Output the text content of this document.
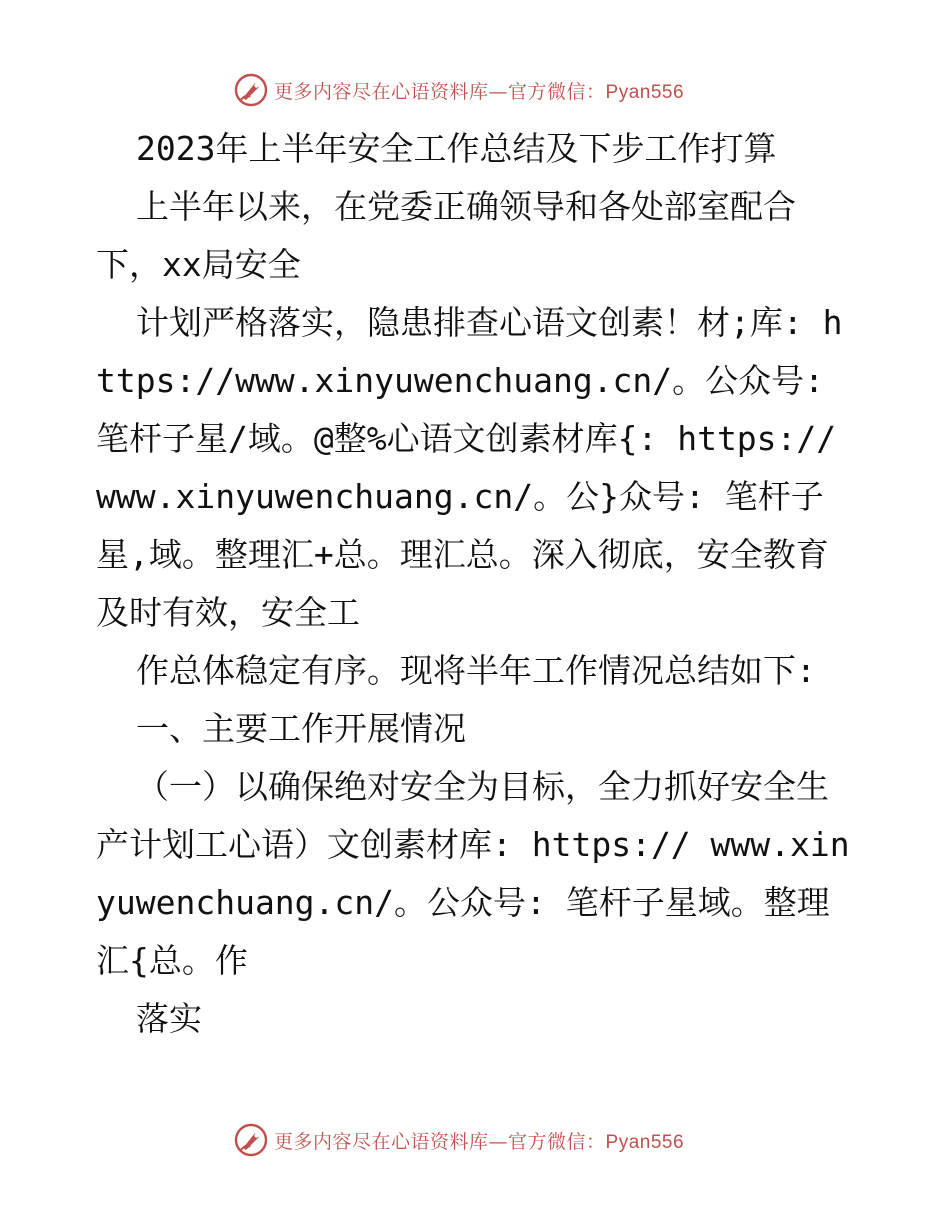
更多内容尽在心语资料库—官方微信：Pyan556

2023年上半年安全工作总结及下步工作打算

上半年以来，在党委正确领导和各处部室配合下，xx局安全

计划严格落实，隐患排查心语文创素！材;库: https://www.xinyuwenchuang.cn/。公众号: 笔杆子星/域。@整%心语文创素材库{: https:// www.xinyuwenchuang.cn/。公}众号: 笔杆子星,域。整理汇+总。理汇总。深入彻底，安全教育及时有效，安全工

作总体稳定有序。现将半年工作情况总结如下:

一、主要工作开展情况

（一）以确保绝对安全为目标，全力抓好安全生产计划工心语）文创素材库: https:// www.xinyuwenchuang.cn/。公众号: 笔杆子星域。整理汇{总。作

落实

更多内容尽在心语资料库—官方微信：Pyan556
